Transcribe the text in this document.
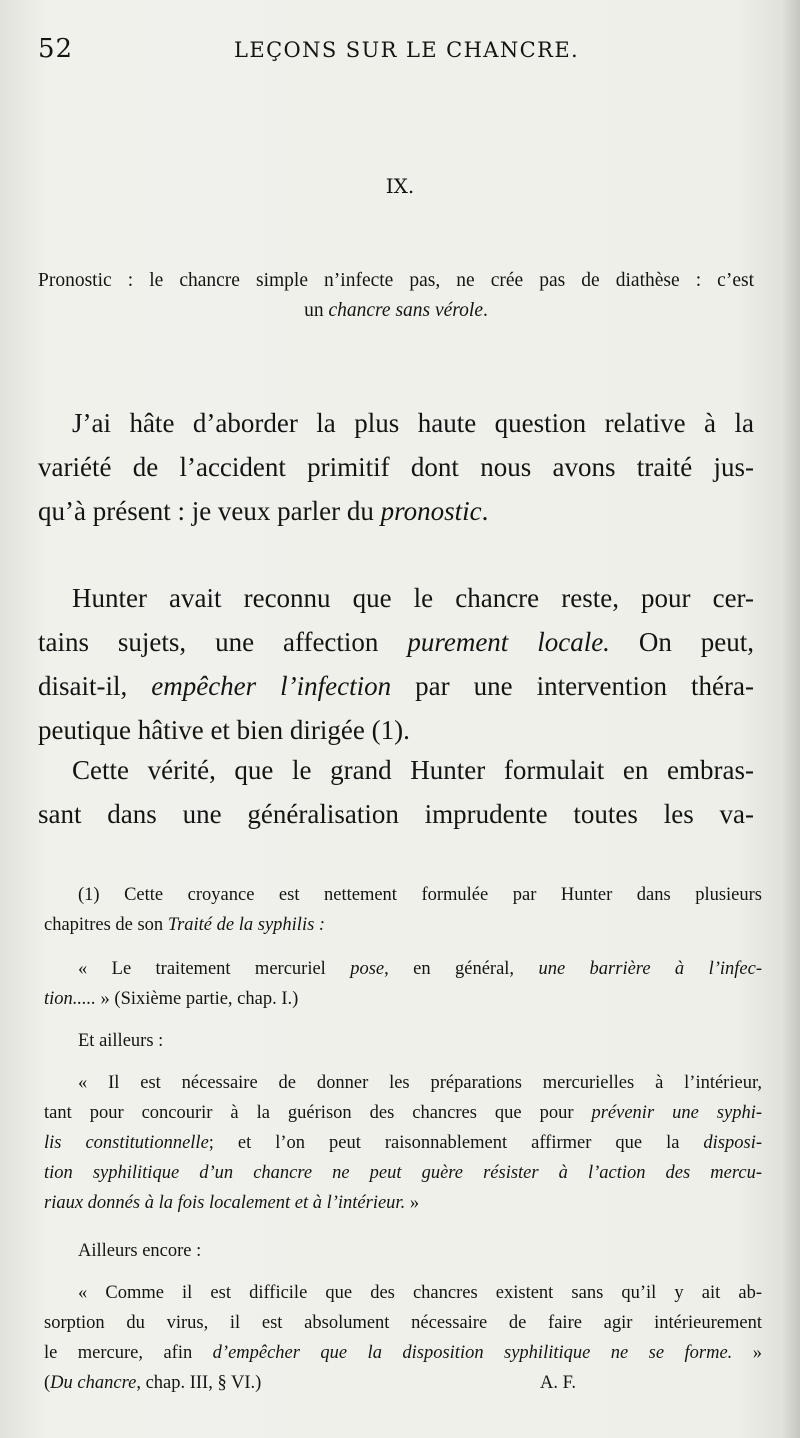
52	LEÇONS SUR LE CHANCRE.
IX.
Pronostic : le chancre simple n’infecte pas, ne crée pas de diathèse : c’est
un chancre sans vérole.
J’ai hâte d’aborder la plus haute question relative à la
variété de l’accident primitif dont nous avons traité jus-
qu’à présent : je veux parler du pronostic.
Hunter avait reconnu que le chancre reste, pour cer-
tains sujets, une affection purement locale. On peut,
disait-il, empêcher l’infection par une intervention théra-
peutique hâtive et bien dirigée (1).
Cette vérité, que le grand Hunter formulait en embras-
sant dans une généralisation imprudente toutes les va-
(1) Cette croyance est nettement formulée par Hunter dans plusieurs
chapitres de son Traité de la syphilis :
« Le traitement mercuriel pose, en général, une barrière à l’infec-
tion..... » (Sixième partie, chap. I.)
Et ailleurs :
« Il est nécessaire de donner les préparations mercurielles à l’intérieur,
tant pour concourir à la guérison des chancres que pour prévenir une syphi-
lis constitutionnelle; et l’on peut raisonnablement affirmer que la disposi-
tion syphilitique d’un chancre ne peut guère résister à l’action des mercu-
riaux donnés à la fois localement et à l’intérieur. »
Ailleurs encore :
« Comme il est difficile que des chancres existent sans qu’il y ait ab-
sorption du virus, il est absolument nécessaire de faire agir intérieurement
le mercure, afin d’empêcher que la disposition syphilitique ne se forme. »
(Du chancre, chap. III, § VI.)	A. F.
